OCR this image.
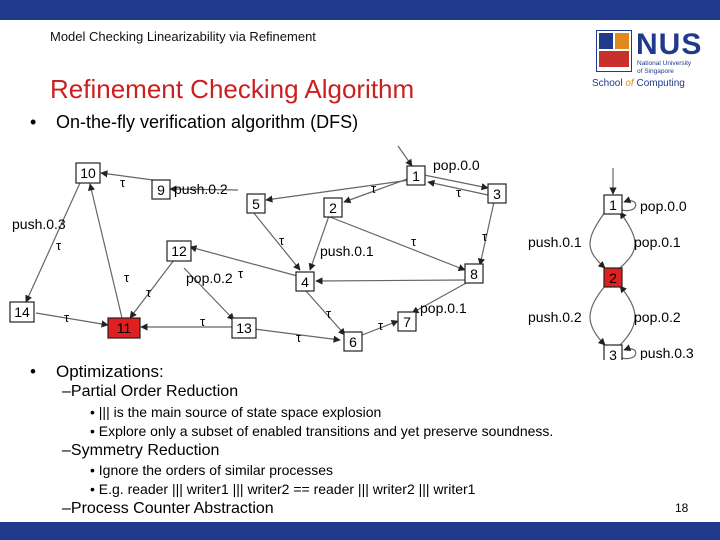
Model Checking Linearizability via Refinement
Refinement Checking Algorithm
NUS
National University of Singapore
School of Computing
• On-the-fly verification algorithm (DFS)
10
9
5
1
3
2
12
4	8
14
11	13
6
7
pop.0.0
push.0.2
push.0.3
push.0.1
pop.0.2
pop.0.1
τ	τ	τ
τ	τ	τ	τ
τ	τ
τ
τ	τ
τ
τ
τ
1
2
3
pop.0.0
push.0.1	pop.0.1
push.0.2	pop.0.2
push.0.3
• Optimizations:
–Partial Order Reduction
• ||| is the main source of state space explosion
• Explore only a subset of enabled transitions and yet preserve soundness.
–Symmetry Reduction
• Ignore the orders of similar processes
• E.g. reader ||| writer1 ||| writer2 == reader ||| writer2 ||| writer1
–Process Counter Abstraction	18
